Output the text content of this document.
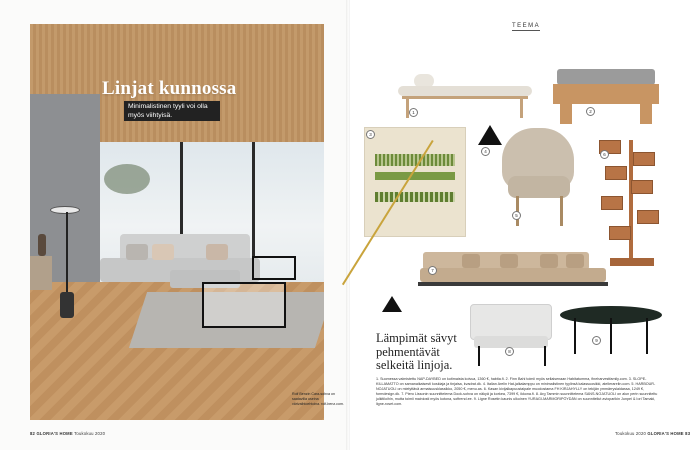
Linjat kunnossa
Minimalistinen tyyli voi olla
myös viihtyisä.
Rolf Benzin Cara-sohva on saatavilla useina värivaihtoehtoina. rolf-benz.com.
82 GLORIA'S HOME Toukokuu 2020
TEEMA
1	2
3
4
5
6
7
8
9
Lämpimät sävyt
pehmentävät
selkeitä linjoja.
1. Suomessa valmistettu NAP-DAYBED on kotimaista koivua, 1360 €, habita.fi. 2. Finn Bahi toimii myös sellaisenaan Habitatumma, fineharvestfamily.com. 3. SLOPE-KILLAMATTO on samanaikaisesti koskiaja ja tinjaisa, kvadrat.dk. 4. Italian Arelin Hat-jalkalamppu on minimalistinen tyylinsä kalassuosikki, atelierarelin.com. 5. HARBOUR-NOJATUOLI on mielyttävä armaisuusklassikko, 2050 €, menu.as. 6. Kasan kivijalkapuustaipale muodostama FH KIRJAHYLLY on tekijän ymmärryslaidassa, 1249 €, formdesign.dk. 7. Piero Lissonin suunnittelema Dock-sohva on näkyä ja korkea, 7399 €, ikkona.fi. 8. Arg Tammin suunnittelema SANS-NOJATUOLI on alun perin suunniteltu julkitiloihin, mutta toimii mainiosti myös kotona, softrend.ee. 9. Ligne Rosetin kaunis ulkoinen YURAGI-MARMORIPÖYDÄN on suunnitellut avioparikin Junpei & Iori Tamaki, ligne-roset.com.
Toukokuu 2020 GLORIA'S HOME 83
